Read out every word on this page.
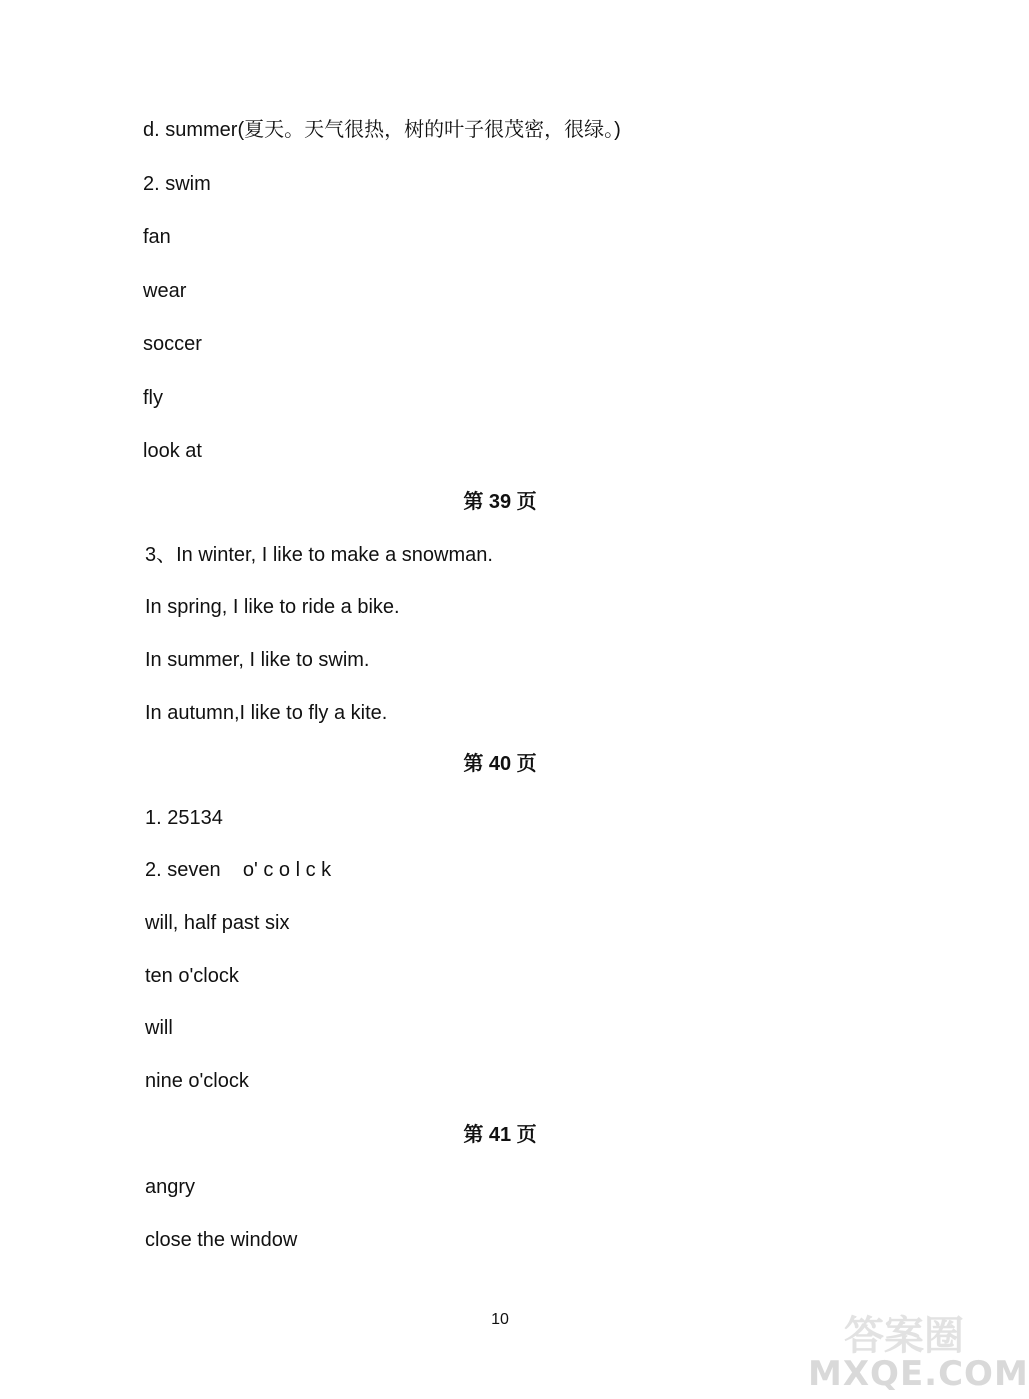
d. summer(夏天。天气很热，树的叶子很茂密，很绿。)

2. swim

fan

wear

soccer

fly

look at

第 39 页

3、In winter, I like to make a snowman.

In spring, I like to ride a bike.

In summer, I like to swim.

In autumn,I like to fly a kite.

第 40 页

1. 25134

2. seven    o' c o l c k

will, half past six

ten o'clock

will

nine o'clock

第 41 页

angry

close the window

10	答案圈
MXQE.COM
